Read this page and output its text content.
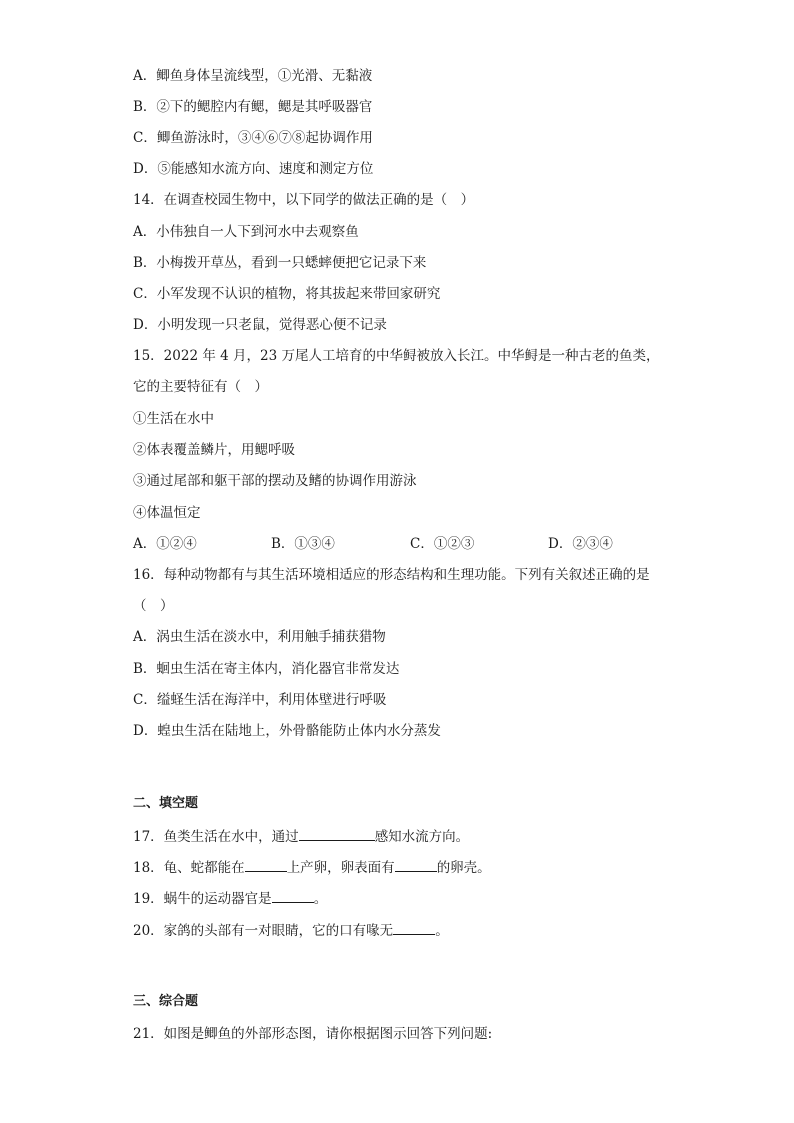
A．鲫鱼身体呈流线型，①光滑、无黏液
B．②下的鳃腔内有鳃，鳃是其呼吸器官
C．鲫鱼游泳时，③④⑥⑦⑧起协调作用
D．⑤能感知水流方向、速度和测定方位
14．在调查校园生物中，以下同学的做法正确的是（　）
A．小伟独自一人下到河水中去观察鱼
B．小梅拨开草丛，看到一只蟋蟀便把它记录下来
C．小军发现不认识的植物，将其拔起来带回家研究
D．小明发现一只老鼠，觉得恶心便不记录
15．2022 年 4 月，23 万尾人工培育的中华鲟被放入长江。中华鲟是一种古老的鱼类，
它的主要特征有（　）
①生活在水中
②体表覆盖鳞片，用鳃呼吸
③通过尾部和躯干部的摆动及鳍的协调作用游泳
④体温恒定
A．①②④	B．①③④	C．①②③	D．②③④
16．每种动物都有与其生活环境相适应的形态结构和生理功能。下列有关叙述正确的是
（　）
A．涡虫生活在淡水中，利用触手捕获猎物
B．蛔虫生活在寄主体内，消化器官非常发达
C．缢蛏生活在海洋中，利用体壁进行呼吸
D．蝗虫生活在陆地上，外骨骼能防止体内水分蒸发
二、填空题
17．鱼类生活在水中，通过	感知水流方向。
18．龟、蛇都能在	上产卵，卵表面有	的卵壳。
19．蜗牛的运动器官是	。
20．家鸽的头部有一对眼睛，它的口有喙无	。
三、综合题
21．如图是鲫鱼的外部形态图，请你根据图示回答下列问题:
